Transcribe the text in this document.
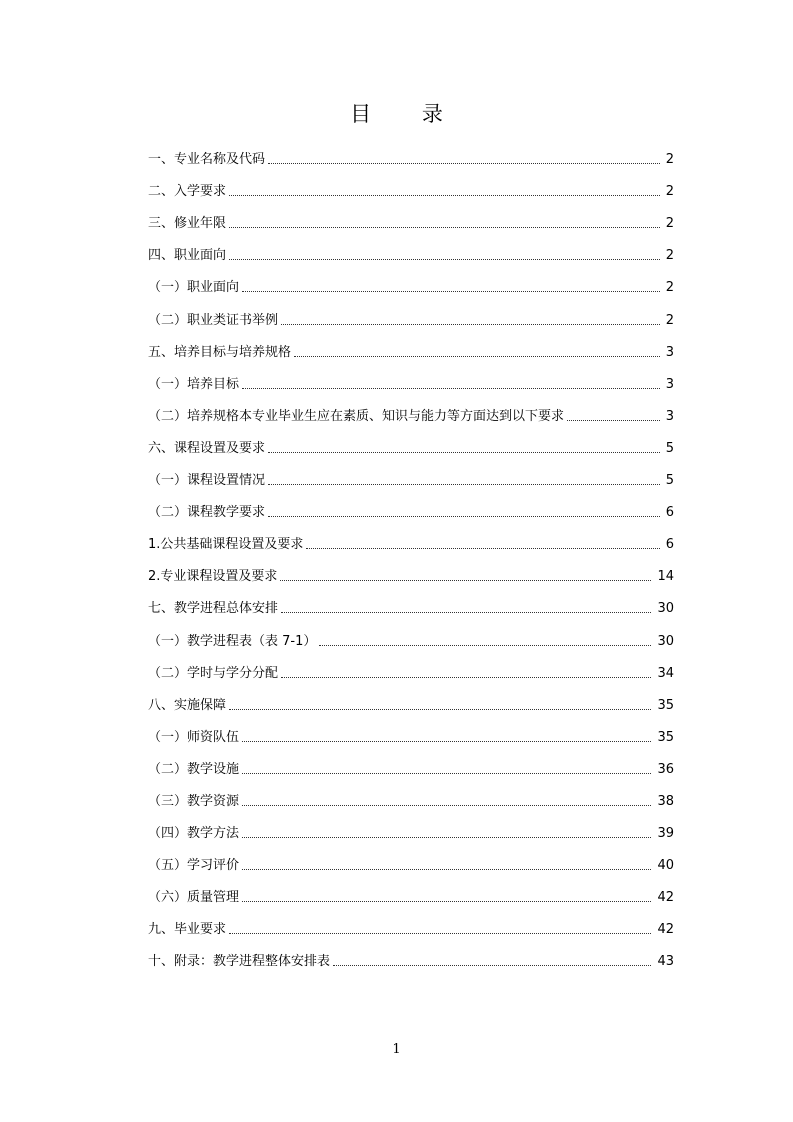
目 录
一、专业名称及代码	2
二、入学要求	2
三、修业年限	2
四、职业面向	2
（一）职业面向	2
（二）职业类证书举例	2
五、培养目标与培养规格	3
（一）培养目标	3
（二）培养规格本专业毕业生应在素质、知识与能力等方面达到以下要求	3
六、课程设置及要求	5
（一）课程设置情况	5
（二）课程教学要求	6
1.公共基础课程设置及要求	6
2.专业课程设置及要求	14
七、教学进程总体安排	30
（一）教学进程表（表 7-1）	30
（二）学时与学分分配	34
八、实施保障	35
（一）师资队伍	35
（二）教学设施	36
（三）教学资源	38
（四）教学方法	39
（五）学习评价	40
（六）质量管理	42
九、毕业要求	42
十、附录：教学进程整体安排表	43
1
